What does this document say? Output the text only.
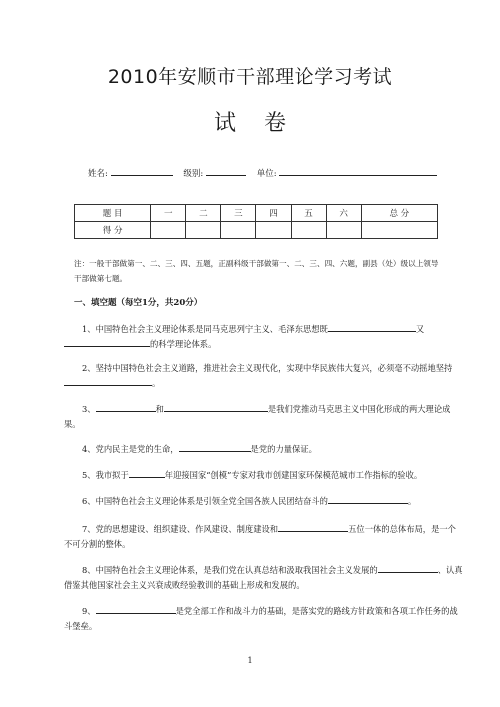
2010年安顺市干部理论学习考试
试卷
姓名:	级别:	单位:
题 目	一	二	三	四	五	六	总 分
得 分							
注：一般干部做第一、二、三、四、五题，正副科级干部做第一、二、三、四、六题，副县（处）级以上领导干部做第七题。
一、填空题（每空1分，共20分）
1、中国特色社会主义理论体系是同马克思列宁主义、毛泽东思想既	又
的科学理论体系。
2、坚持中国特色社会主义道路，推进社会主义现代化，实现中华民族伟大复兴，必须毫不动摇地坚持。
3、	和	是我们党推动马克思主义中国化形成的两大理论成果。
4、党内民主是党的生命，	是党的力量保证。
5、我市拟于	年迎接国家“创模”专家对我市创建国家环保模范城市工作指标的验收。
6、中国特色社会主义理论体系是引领全党全国各族人民团结奋斗的	。
7、党的思想建设、组织建设、作风建设、制度建设和	五位一体的总体布局，是一个不可分割的整体。
8、中国特色社会主义理论体系，是我们党在认真总结和汲取我国社会主义发展的	、认真借鉴其他国家社会主义兴衰成败经验教训的基础上形成和发展的。
9、	是党全部工作和战斗力的基础，是落实党的路线方针政策和各项工作任务的战斗堡垒。
1
